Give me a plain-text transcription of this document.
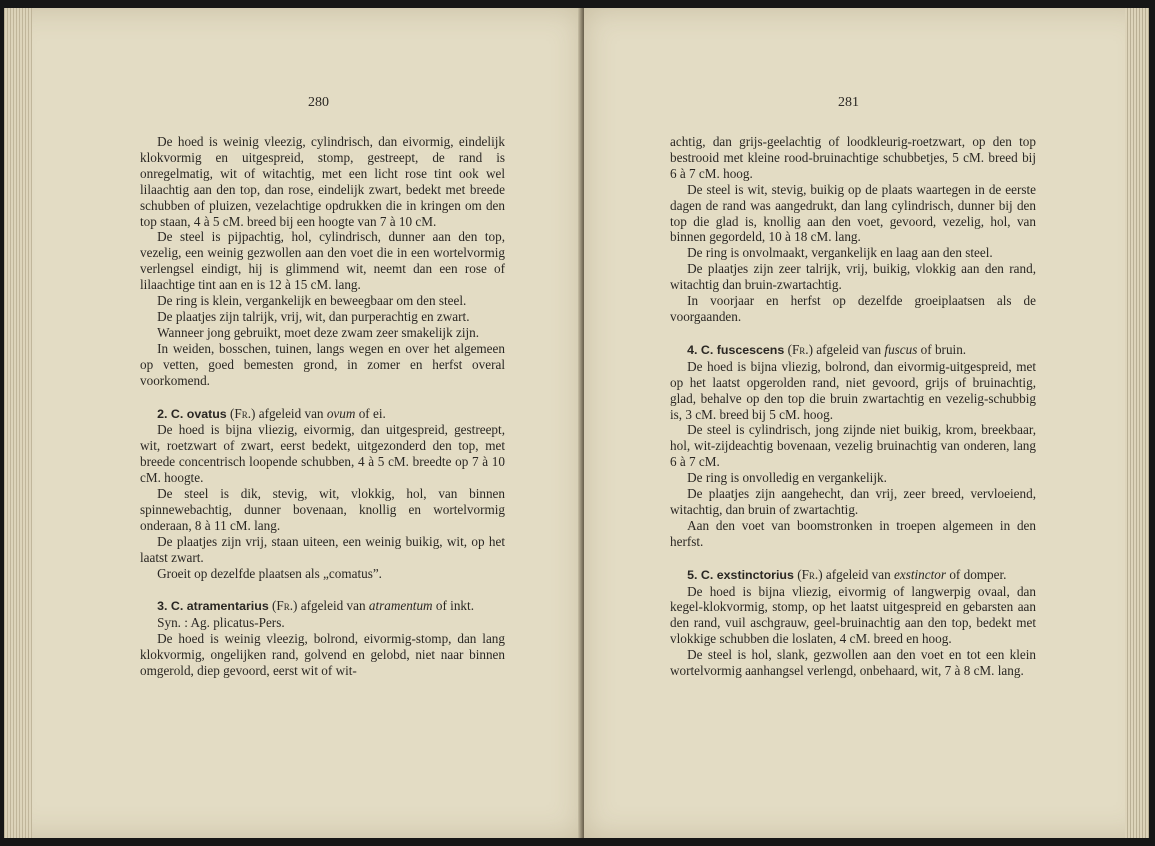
280

De hoed is weinig vleezig, cylindrisch, dan eivormig, eindelijk klokvormig en uitgespreid, stomp, gestreept, de rand is onregelmatig, wit of witachtig, met een licht rose tint ook wel lilaachtig aan den top, dan rose, eindelijk zwart, bedekt met breede schubben of pluizen, vezelachtige opdrukken die in kringen om den top staan, 4 à 5 cM. breed bij een hoogte van 7 à 10 cM.

De steel is pijpachtig, hol, cylindrisch, dunner aan den top, vezelig, een weinig gezwollen aan den voet die in een wortelvormig verlengsel eindigt, hij is glimmend wit, neemt dan een rose of lilaachtige tint aan en is 12 à 15 cM. lang.

De ring is klein, vergankelijk en beweegbaar om den steel.

De plaatjes zijn talrijk, vrij, wit, dan purperachtig en zwart.

Wanneer jong gebruikt, moet deze zwam zeer smakelijk zijn.

In weiden, bosschen, tuinen, langs wegen en over het algemeen op vetten, goed bemesten grond, in zomer en herfst overal voorkomend.

2. C. ovatus (Fr.) afgeleid van ovum of ei.

De hoed is bijna vliezig, eivormig, dan uitgespreid, gestreept, wit, roetzwart of zwart, eerst bedekt, uitgezonderd den top, met breede concentrisch loopende schubben, 4 à 5 cM. breedte op 7 à 10 cM. hoogte.

De steel is dik, stevig, wit, vlokkig, hol, van binnen spinnewebachtig, dunner bovenaan, knollig en wortelvormig onderaan, 8 à 11 cM. lang.

De plaatjes zijn vrij, staan uiteen, een weinig buikig, wit, op het laatst zwart.

Groeit op dezelfde plaatsen als „comatus”.

3. C. atramentarius (Fr.) afgeleid van atramentum of inkt.

Syn. : Ag. plicatus-Pers.

De hoed is weinig vleezig, bolrond, eivormig-stomp, dan lang klokvormig, ongelijken rand, golvend en gelobd, niet naar binnen omgerold, diep gevoord, eerst wit of wit-

281

achtig, dan grijs-geelachtig of loodkleurig-roetzwart, op den top bestrooid met kleine rood-bruinachtige schubbetjes, 5 cM. breed bij 6 à 7 cM. hoog.

De steel is wit, stevig, buikig op de plaats waartegen in de eerste dagen de rand was aangedrukt, dan lang cylindrisch, dunner bij den top die glad is, knollig aan den voet, gevoord, vezelig, hol, van binnen gegordeld, 10 à 18 cM. lang.

De ring is onvolmaakt, vergankelijk en laag aan den steel.

De plaatjes zijn zeer talrijk, vrij, buikig, vlokkig aan den rand, witachtig dan bruin-zwartachtig.

In voorjaar en herfst op dezelfde groeiplaatsen als de voorgaanden.

4. C. fuscescens (Fr.) afgeleid van fuscus of bruin.

De hoed is bijna vliezig, bolrond, dan eivormig-uitgespreid, met op het laatst opgerolden rand, niet gevoord, grijs of bruinachtig, glad, behalve op den top die bruin zwartachtig en vezelig-schubbig is, 3 cM. breed bij 5 cM. hoog.

De steel is cylindrisch, jong zijnde niet buikig, krom, breekbaar, hol, wit-zijdeachtig bovenaan, vezelig bruinachtig van onderen, lang 6 à 7 cM.

De ring is onvolledig en vergankelijk.

De plaatjes zijn aangehecht, dan vrij, zeer breed, vervloeiend, witachtig, dan bruin of zwartachtig.

Aan den voet van boomstronken in troepen algemeen in den herfst.

5. C. exstinctorius (Fr.) afgeleid van exstinctor of domper.

De hoed is bijna vliezig, eivormig of langwerpig ovaal, dan kegel-klokvormig, stomp, op het laatst uitgespreid en gebarsten aan den rand, vuil aschgrauw, geel-bruinachtig aan den top, bedekt met vlokkige schubben die loslaten, 4 cM. breed en hoog.

De steel is hol, slank, gezwollen aan den voet en tot een klein wortelvormig aanhangsel verlengd, onbehaard, wit, 7 à 8 cM. lang.
